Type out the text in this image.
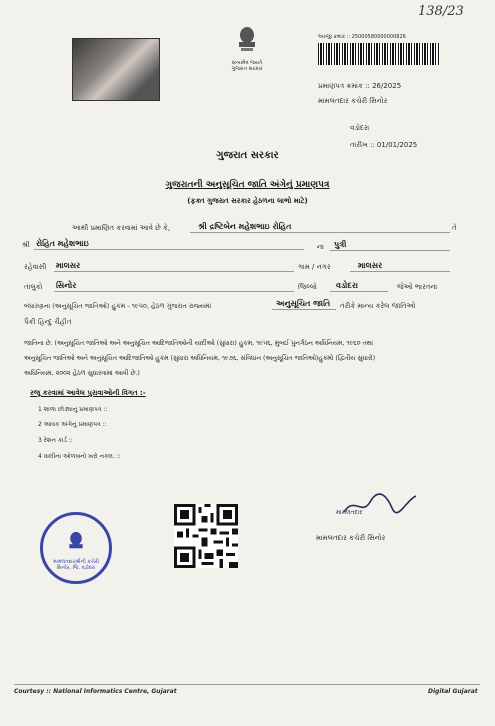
138/23
સત્યમેવ જયતે
ગુજરાત સરકાર
અરજી ક્રમાંક :: 25000580000000826
પ્રમાણપત્ર ક્રમાંક :: 26/2025
મામલતદાર કચેરી સિનોર
વડોદરા
તારીખ :: 01/01/2025
ગુજરાત સરકાર
ગુજરાતની અનુસૂચિત જાતિ અંગેનું પ્રમાણપત્ર
(ફક્ત ગુજરાત સરકાર હેઠળના લાભો માટે)
આથી પ્રમાણિત કરવામાં આવે છે કે,	શ્રી દ્રષ્ટિબેન મહેશભાઇ રોહિત	તે
શ્રી રોહિત મહેશભાઇ	ના પુત્રી
રહેવાસી માલસર	ગામ / નગર	માલસર
તાલુકો સિનોર	જિલ્લો વડોદરા	જેઓ ભારતના
બંધારણના (અનુસૂચિત જાતિઓ) હુકમ - ૧૯૫૦, હેઠળ ગુજરાત રાજ્યમાં	અનુસૂચિત જાતિ તરીકે માન્ય કરેલ જાતિઓ
પૈકી હિન્દુ ચૈહીત
જાતિના છે. (અનુસૂચિત જાતિઓ અને અનુસૂચિત આદિજાતિઓની યાદીઓ (સુધારા) હુકમ, ૧૯૫૬, મુંબઈ પુનર્ગઠન અધિનિયમ, ૧૯૬૦ તથા
અનુસૂચિત જાતિઓ અને અનુસૂચિત આદિજાતિઓ હુકમ (સુધારા અધિનિયમ, ૧૯૭૬, સંવિધાન (અનુસૂચિત જાતિઓ)હુકમો (દ્વિતીય સુધારો)
અધિનિયમ, ૨૦૦૨ હેઠળ સુધારવામાં આવી છે.)
રજૂ કરવામાં આવેલ પુરાવાઓની વિગત :-
1 શાળા છોડ્યાનું પ્રમાણપત્ર ::
2 આવક અંગેનું પ્રમાણપત્ર ::
3 રેશન કાર્ડ ::
4 વાલીના ઓળખનો ખરો નકલ. ::
મામલતદારશ્રીની કચેરી
સિનોર, જિ. વડોદરા
મામલતદાર
મામલતદાર કચેરી સિનોર
Courtesy :: National Informatics Centre, Gujarat	Digital Gujarat
